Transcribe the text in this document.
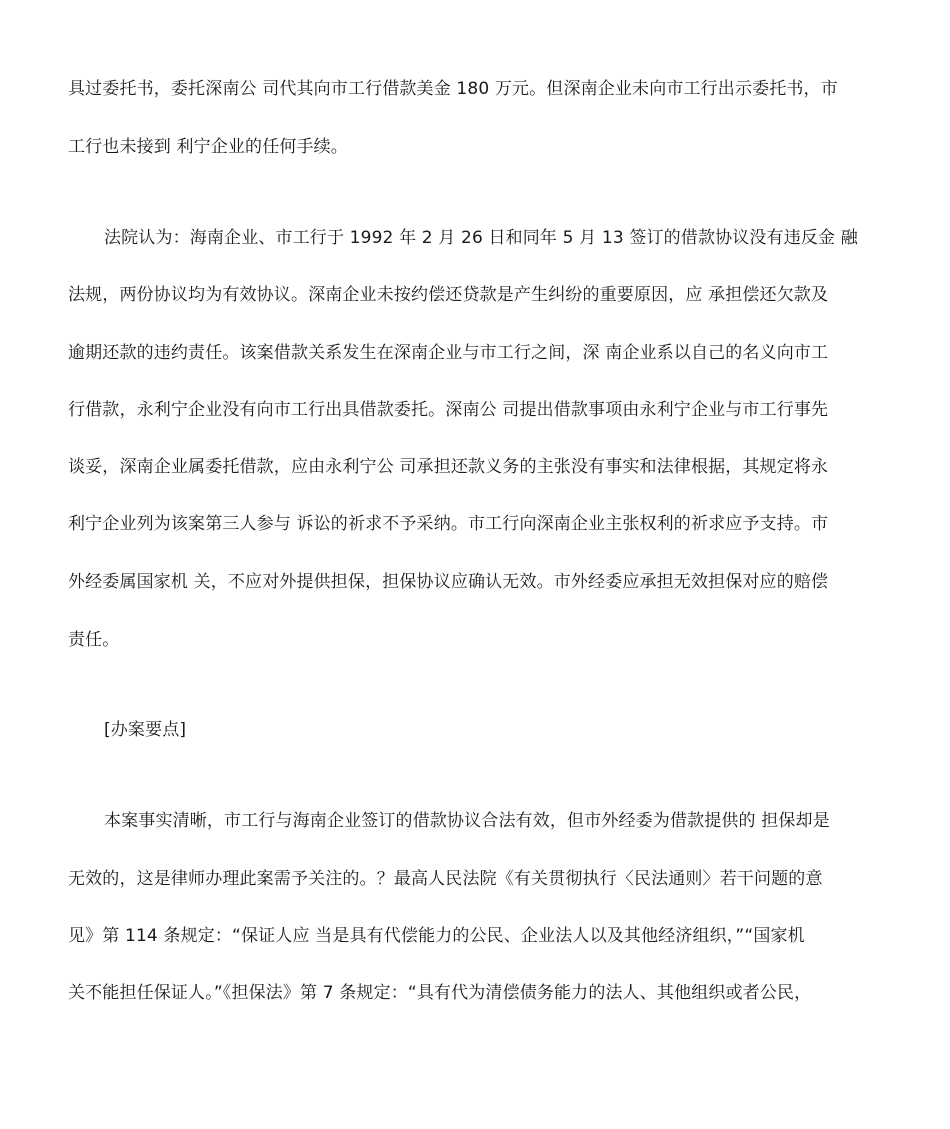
具过委托书，委托深南公 司代其向市工行借款美金 180 万元。但深南企业未向市工行出示委托书，市
工行也未接到 利宁企业的任何手续。
法院认为：海南企业、市工行于 1992 年 2 月 26 日和同年 5 月 13 签订的借款协议没有违反金 融
法规，两份协议均为有效协议。深南企业未按约偿还贷款是产生纠纷的重要原因，应 承担偿还欠款及
逾期还款的违约责任。该案借款关系发生在深南企业与市工行之间，深 南企业系以自己的名义向市工
行借款，永利宁企业没有向市工行出具借款委托。深南公 司提出借款事项由永利宁企业与市工行事先
谈妥，深南企业属委托借款，应由永利宁公 司承担还款义务的主张没有事实和法律根据，其规定将永
利宁企业列为该案第三人参与 诉讼的祈求不予采纳。市工行向深南企业主张权利的祈求应予支持。市
外经委属国家机 关，不应对外提供担保，担保协议应确认无效。市外经委应承担无效担保对应的赔偿
责任。
[办案要点]
本案事实清晰，市工行与海南企业签订的借款协议合法有效，但市外经委为借款提供的 担保却是
无效的，这是律师办理此案需予关注的。？最高人民法院《有关贯彻执行〈民法通则〉若干问题的意
见》第 114 条规定：“保证人应 当是具有代偿能力的公民、企业法人以及其他经济组织，”“国家机
关不能担任保证人。”《担保法》第 7 条规定：“具有代为清偿债务能力的法人、其他组织或者公民，
